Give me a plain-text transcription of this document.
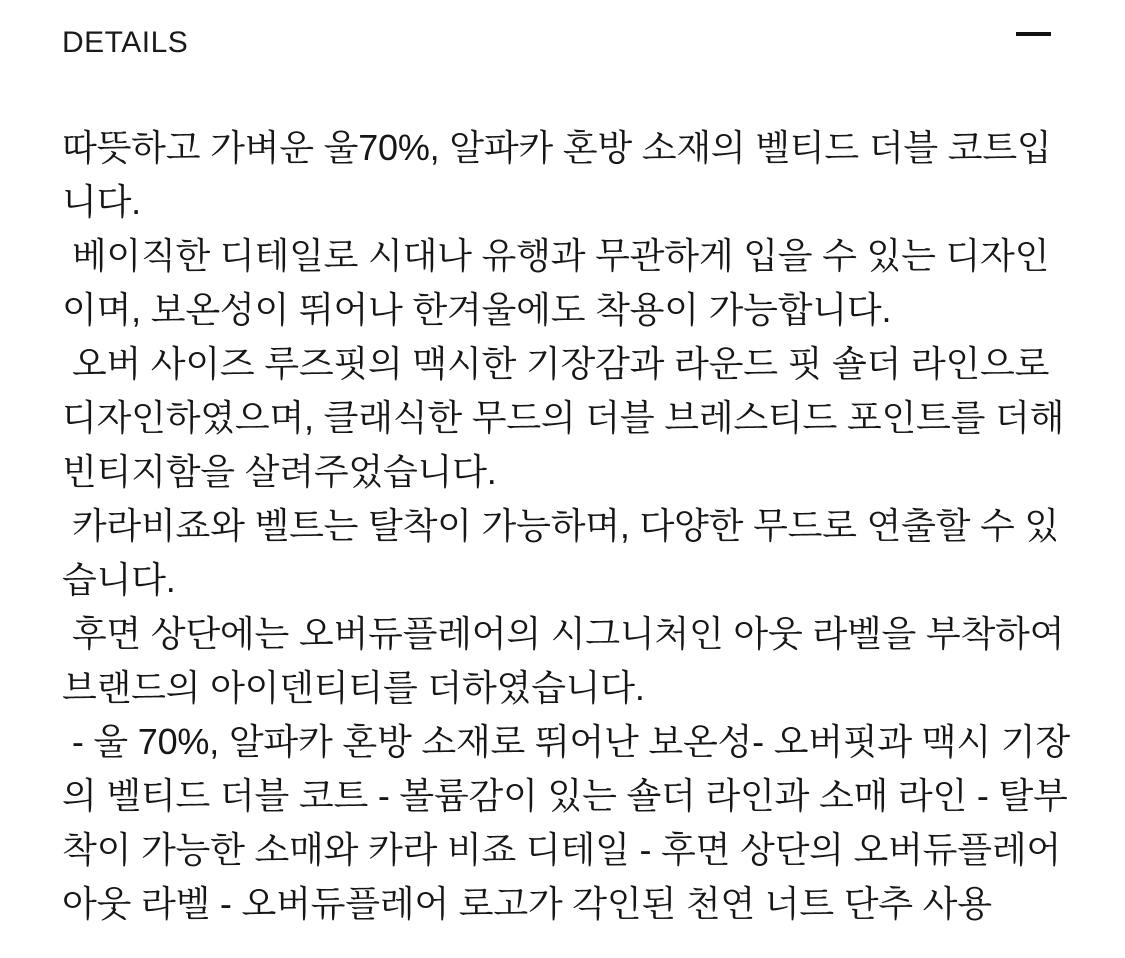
DETAILS

따뜻하고 가벼운 울70%, 알파카 혼방 소재의 벨티드 더블 코트입니다.

베이직한 디테일로 시대나 유행과 무관하게 입을 수 있는 디자인이며, 보온성이 뛰어나 한겨울에도 착용이 가능합니다.

오버 사이즈 루즈핏의 맥시한 기장감과 라운드 핏 숄더 라인으로 디자인하였으며, 클래식한 무드의 더블 브레스티드 포인트를 더해 빈티지함을 살려주었습니다.

카라비죠와 벨트는 탈착이 가능하며, 다양한 무드로 연출할 수 있습니다.

후면 상단에는 오버듀플레어의 시그니처인 아웃 라벨을 부착하여 브랜드의 아이덴티티를 더하였습니다.

- 울 70%, 알파카 혼방 소재로 뛰어난 보온성- 오버핏과 맥시 기장의 벨티드 더블 코트 - 볼륨감이 있는 숄더 라인과 소매 라인 - 탈부착이 가능한 소매와 카라 비죠 디테일 - 후면 상단의 오버듀플레어 아웃 라벨 - 오버듀플레어 로고가 각인된 천연 너트 단추 사용
